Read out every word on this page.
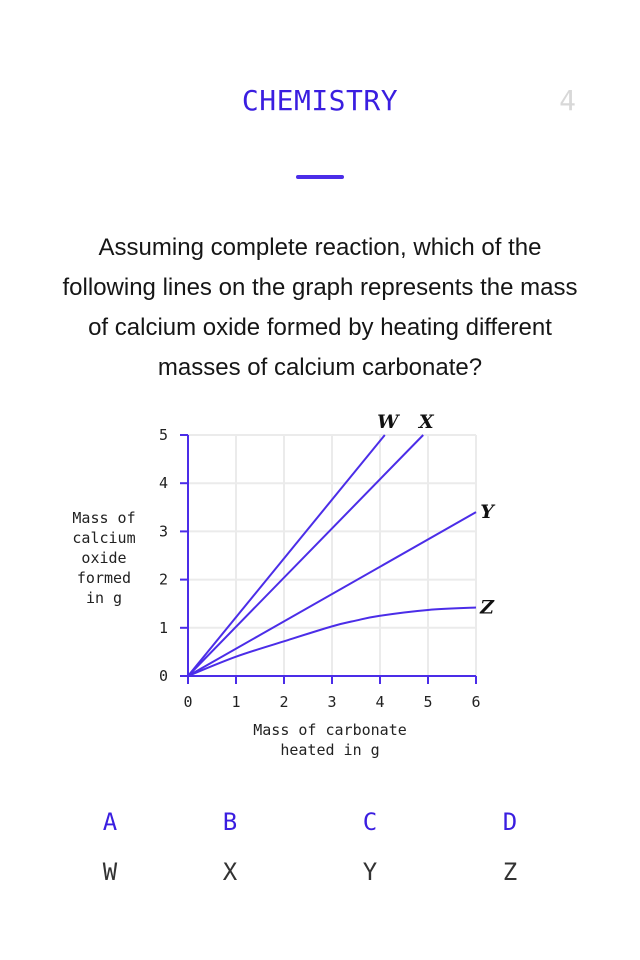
CHEMISTRY	4
Assuming complete reaction, which of the following lines on the graph represents the mass of calcium oxide formed by heating different masses of calcium carbonate?
0
1
2
3
4
5
0	1	2	3	4	5	6
W X
Y
Z
Mass of
calcium
oxide
formed
in g
Mass of carbonate
heated in g
A
W
B
X
C
Y
D
Z
